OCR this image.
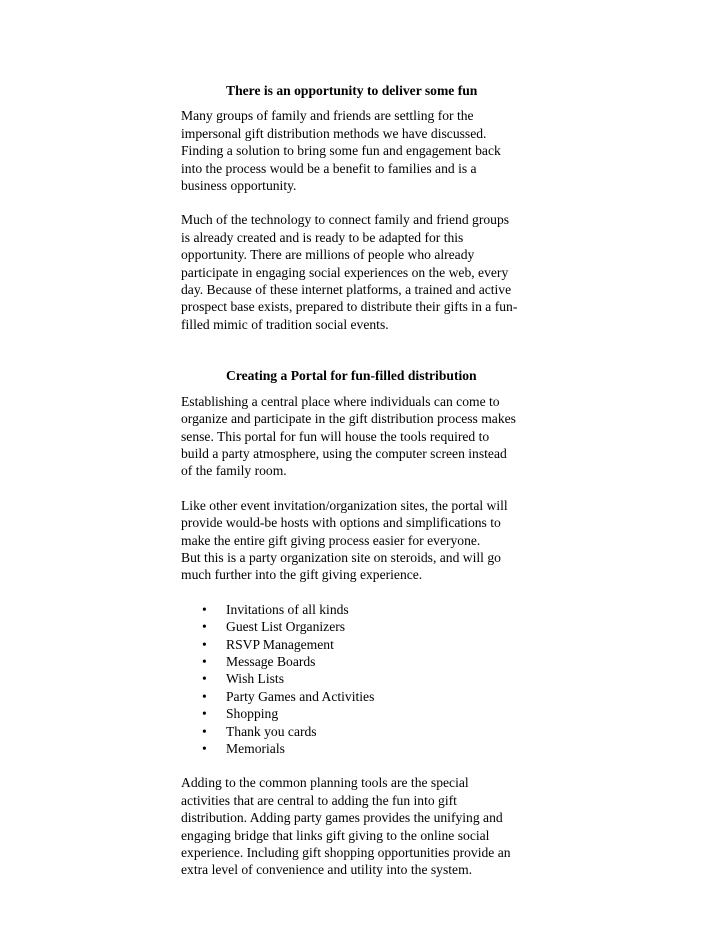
There is an opportunity to deliver some fun
Many groups of family and friends are settling for the
impersonal gift distribution methods we have discussed.
Finding a solution to bring some fun and engagement back
into the process would be a benefit to families and is a
business opportunity.
Much of the technology to connect family and friend groups
is already created and is ready to be adapted for this
opportunity. There are millions of people who already
participate in engaging social experiences on the web, every
day. Because of these internet platforms, a trained and active
prospect base exists, prepared to distribute their gifts in a fun-
filled mimic of tradition social events.
Creating a Portal for fun-filled distribution
Establishing a central place where individuals can come to
organize and participate in the gift distribution process makes
sense. This portal for fun will house the tools required to
build a party atmosphere, using the computer screen instead
of the family room.
Like other event invitation/organization sites, the portal will
provide would-be hosts with options and simplifications to
make the entire gift giving process easier for everyone.
But this is a party organization site on steroids, and will go
much further into the gift giving experience.
• Invitations of all kinds
• Guest List Organizers
• RSVP Management
• Message Boards
• Wish Lists
• Party Games and Activities
• Shopping
• Thank you cards
• Memorials
Adding to the common planning tools are the special
activities that are central to adding the fun into gift
distribution. Adding party games provides the unifying and
engaging bridge that links gift giving to the online social
experience. Including gift shopping opportunities provide an
extra level of convenience and utility into the system.
